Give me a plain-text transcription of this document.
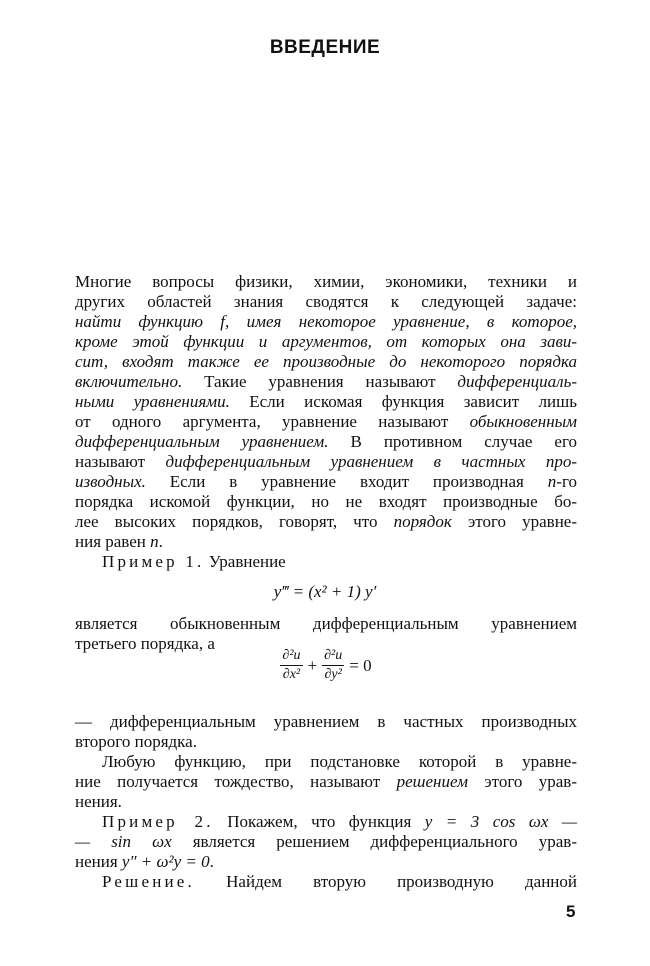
ВВЕДЕНИЕ
Многие вопросы физики, химии, экономики, техники и
других областей знания сводятся к следующей задаче:
найти функцию f, имея некоторое уравнение, в которое,
кроме этой функции и аргументов, от которых она зави-
сит, входят также ее производные до некоторого порядка
включительно. Такие уравнения называют дифференциаль-
ными уравнениями. Если искомая функция зависит лишь
от одного аргумента, уравнение называют обыкновенным
дифференциальным уравнением. В противном случае его
называют дифференциальным уравнением в частных про-
изводных. Если в уравнение входит производная n-го
порядка искомой функции, но не входят производные бо-
лее высоких порядков, говорят, что порядок этого уравне-
ния равен n.
Пример 1. Уравнение
y‴ = (x² + 1) y′
является обыкновенным дифференциальным уравнением
третьего порядка, а
$\frac{\text{∂²u}}{\text{∂x²}} + \frac{\text{∂²u}}{\text{∂y²}} = 0$
— дифференциальным уравнением в частных производных
второго порядка.
Любую функцию, при подстановке которой в уравне-
ние получается тождество, называют решением этого урав-
нения.
Пример 2. Покажем, что функция y = 3 cos ωx —
— sin ωx является решением дифференциального урав-
нения y″ + ω²y = 0.
Решение. Найдем вторую производную данной
5
